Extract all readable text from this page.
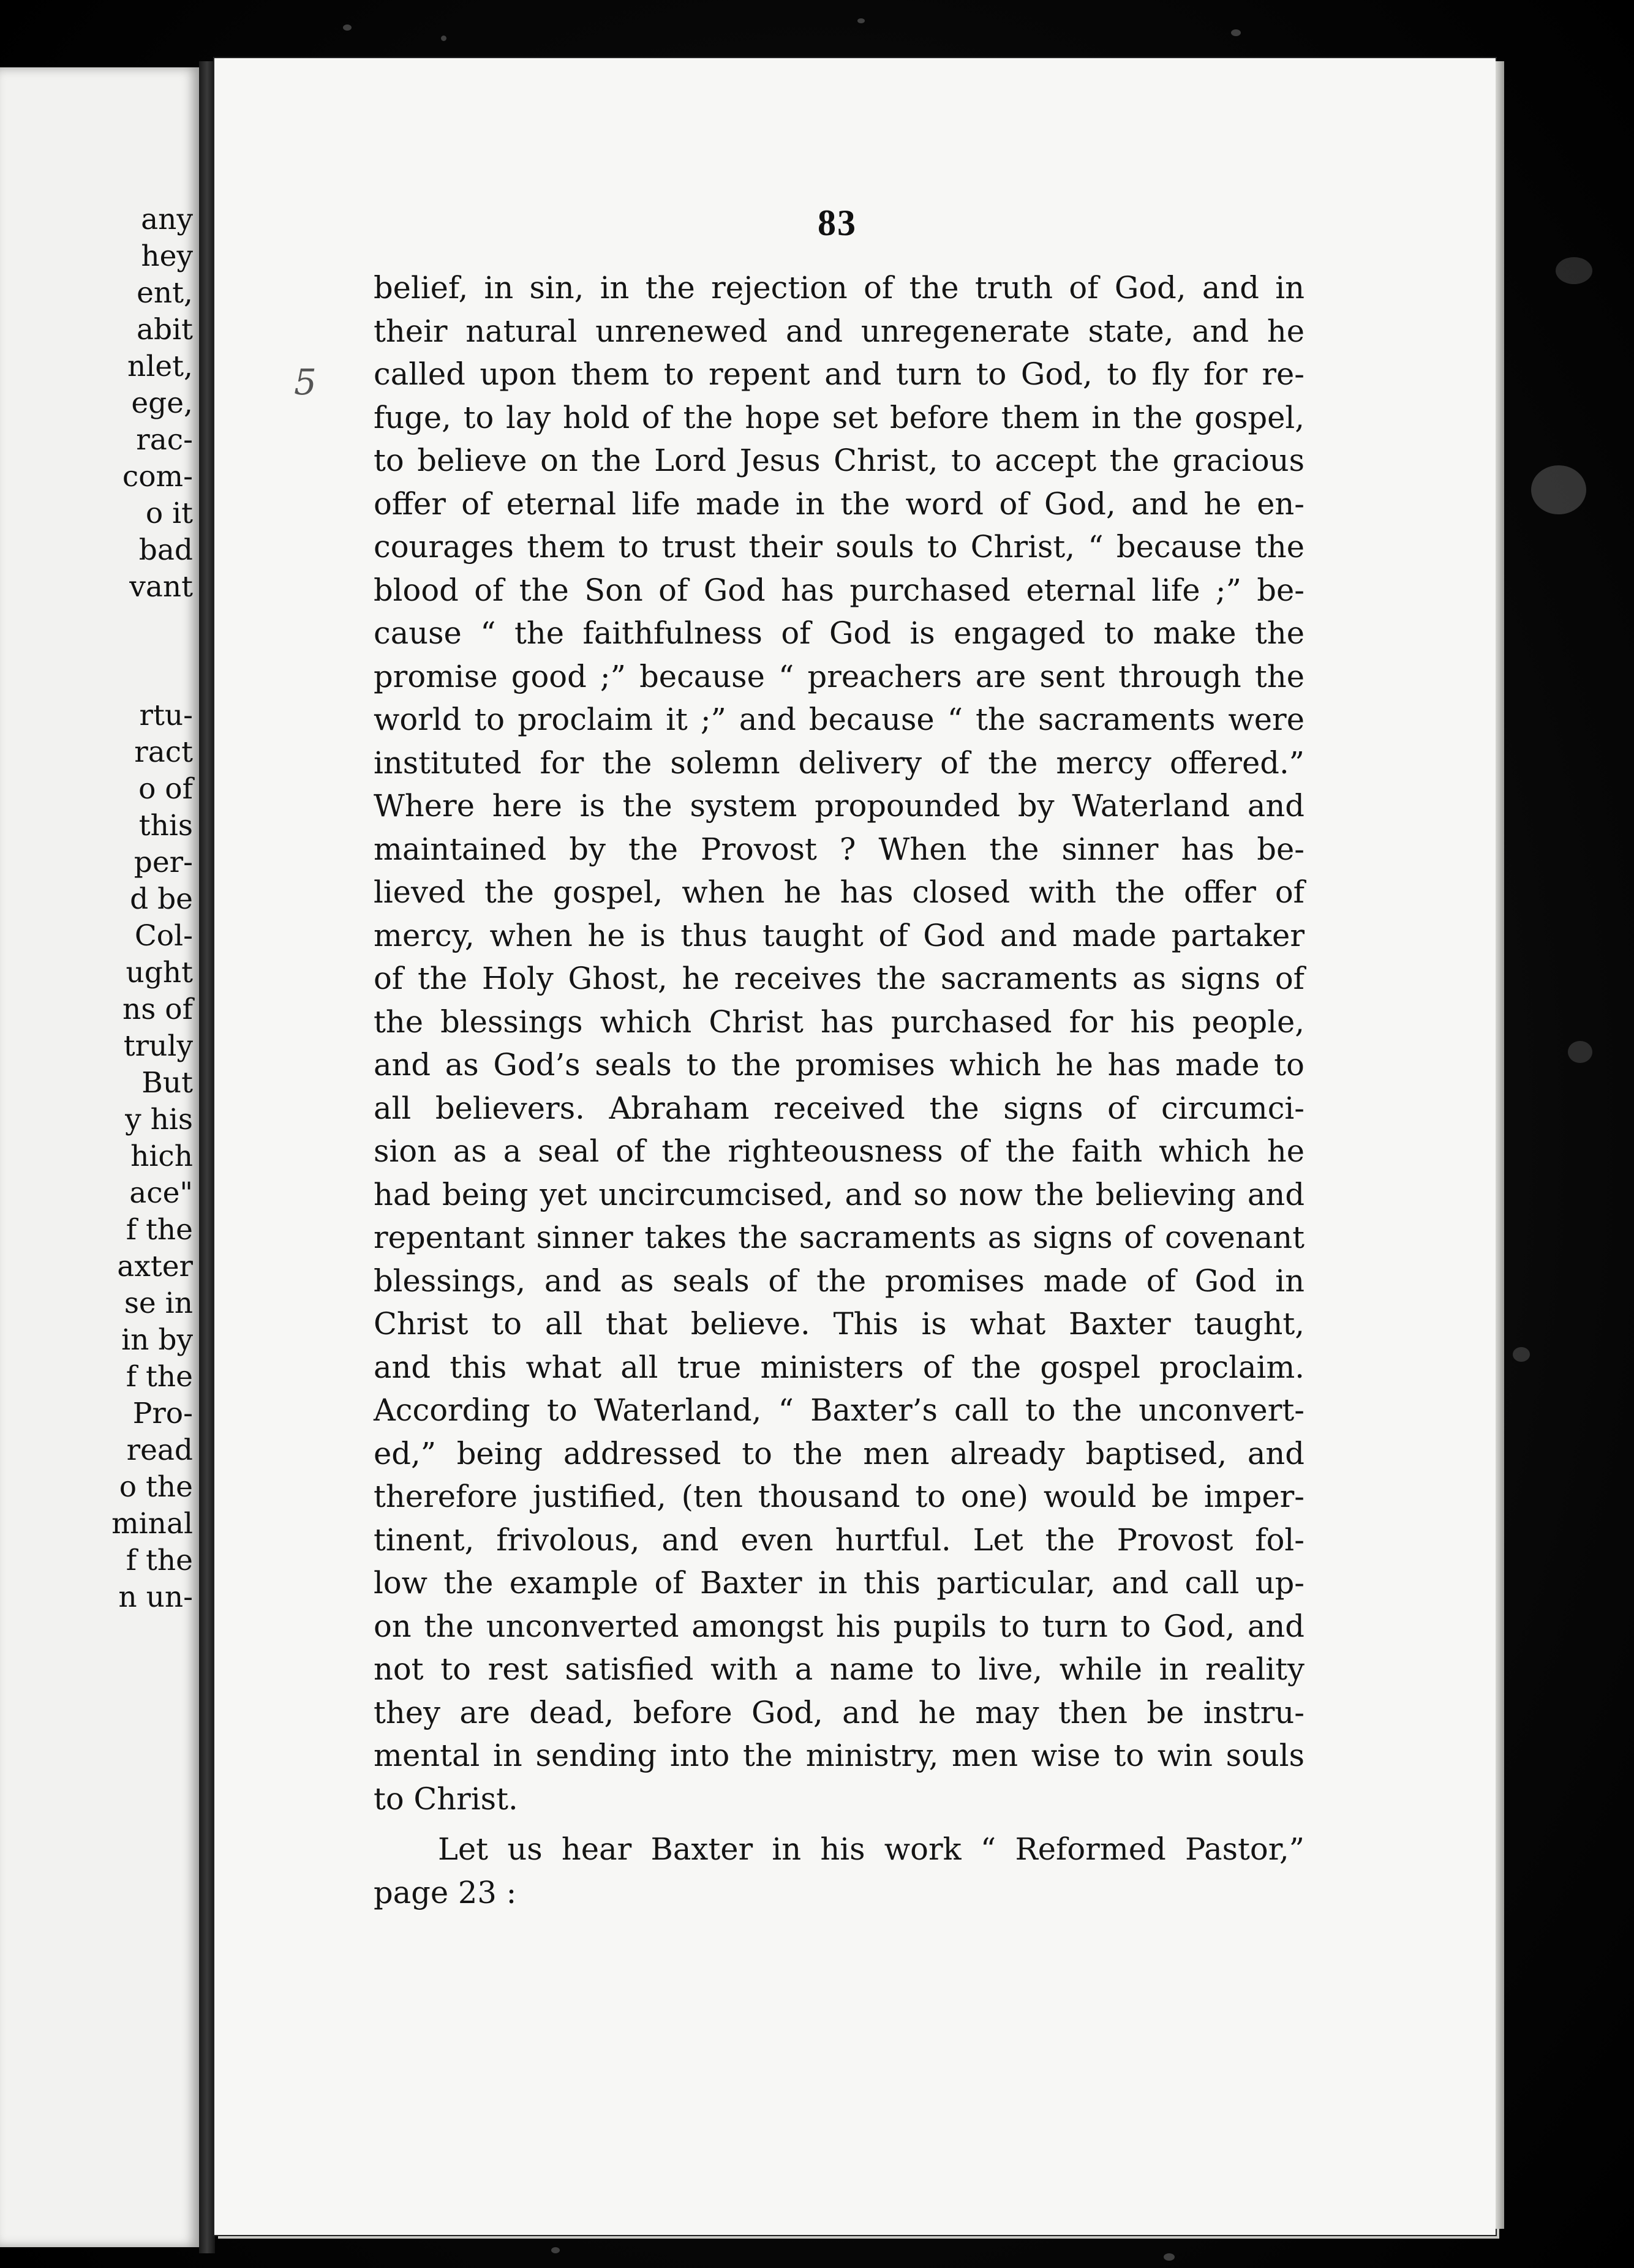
any
hey
ent,
abit
nlet,
ege,
rac-
com-
o it
bad
vant
rtu-
ract
o of
this
per-
d be
Col-
ught
ns of
truly
But
y his
hich
ace"
f the
axter
se in
in by
f the
Pro-
read
o the
minal
f the
n un-
83
5
belief, in sin, in the rejection of the truth of God, and in
their natural unrenewed and unregenerate state, and he
called upon them to repent and turn to God, to fly for re-
fuge, to lay hold of the hope set before them in the gospel,
to believe on the Lord Jesus Christ, to accept the gracious
offer of eternal life made in the word of God, and he en-
courages them to trust their souls to Christ, “ because the
blood of the Son of God has purchased eternal life ;” be-
cause “ the faithfulness of God is engaged to make the
promise good ;” because “ preachers are sent through the
world to proclaim it ;” and because “ the sacraments were
instituted for the solemn delivery of the mercy offered.”
Where here is the system propounded by Waterland and
maintained by the Provost ? When the sinner has be-
lieved the gospel, when he has closed with the offer of
mercy, when he is thus taught of God and made partaker
of the Holy Ghost, he receives the sacraments as signs of
the blessings which Christ has purchased for his people,
and as God’s seals to the promises which he has made to
all believers. Abraham received the signs of circumci-
sion as a seal of the righteousness of the faith which he
had being yet uncircumcised, and so now the believing and
repentant sinner takes the sacraments as signs of covenant
blessings, and as seals of the promises made of God in
Christ to all that believe. This is what Baxter taught,
and this what all true ministers of the gospel proclaim.
According to Waterland, “ Baxter’s call to the unconvert-
ed,” being addressed to the men already baptised, and
therefore justified, (ten thousand to one) would be imper-
tinent, frivolous, and even hurtful. Let the Provost fol-
low the example of Baxter in this particular, and call up-
on the unconverted amongst his pupils to turn to God, and
not to rest satisfied with a name to live, while in reality
they are dead, before God, and he may then be instru-
mental in sending into the ministry, men wise to win souls
to Christ.
Let us hear Baxter in his work “ Reformed Pastor,”
page 23 :
